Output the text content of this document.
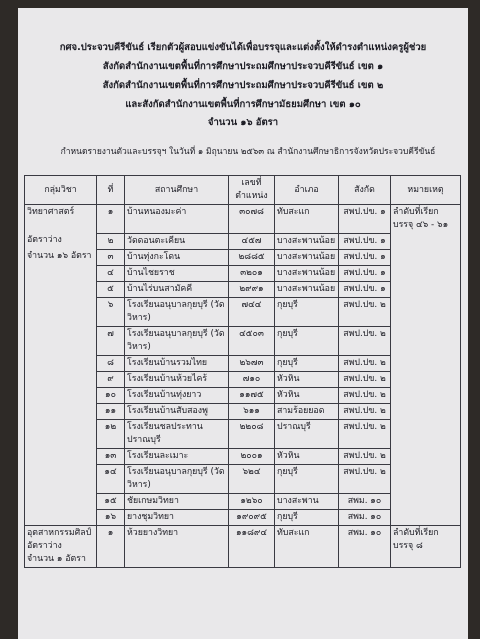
กศจ.ประจวบคีรีขันธ์ เรียกตัวผู้สอบแข่งขันได้เพื่อบรรจุและแต่งตั้งให้ดำรงตำแหน่งครูผู้ช่วย
สังกัดสำนักงานเขตพื้นที่การศึกษาประถมศึกษาประจวบคีรีขันธ์ เขต ๑
สังกัดสำนักงานเขตพื้นที่การศึกษาประถมศึกษาประจวบคีรีขันธ์ เขต ๒
และสังกัดสำนักงานเขตพื้นที่การศึกษามัธยมศึกษา เขต ๑๐
จำนวน ๑๖ อัตรา
กำหนดรายงานตัวและบรรจุฯ ในวันที่ ๑ มิถุนายน ๒๕๖๓ ณ สำนักงานศึกษาธิการจังหวัดประจวบคีรีขันธ์
กลุ่มวิชา	ที่	สถานศึกษา	เลขที่ตำแหน่ง	อำเภอ	สังกัด	หมายเหตุ
วิทยาศาสตร์	๑	บ้านหนองมะค่า	๓๐๗๘	ทับสะแก	สพป.ปข. ๑	ลำดับที่เรียกบรรจุ ๔๖ - ๖๑
อัตราว่าง	๒	วัดดอนตะเคียน	๔๕๗	บางสะพานน้อย	สพป.ปข. ๑	
จำนวน ๑๖ อัตรา	๓	บ้านทุ่งกะโดน	๒๘๘๕	บางสะพานน้อย	สพป.ปข. ๑	
	๔	บ้านไชยราช	๓๒๐๑	บางสะพานน้อย	สพป.ปข. ๑	
	๕	บ้านไร่บนสามัคคี	๒๙๙๑	บางสะพานน้อย	สพป.ปข. ๑	
	๖	โรงเรียนอนุบาลกุยบุรี (วัดวิหาร)	๗๔๔	กุยบุรี	สพป.ปข. ๒	
	๗	โรงเรียนอนุบาลกุยบุรี (วัดวิหาร)	๔๕๐๓	กุยบุรี	สพป.ปข. ๒	
	๘	โรงเรียนบ้านรวมไทย	๒๖๗๓	กุยบุรี	สพป.ปข. ๒	
	๙	โรงเรียนบ้านห้วยไคร้	๗๑๐	หัวหิน	สพป.ปข. ๒	
	๑๐	โรงเรียนบ้านทุ่งยาว	๑๑๗๕	หัวหิน	สพป.ปข. ๒	
	๑๑	โรงเรียนบ้านสับสองพู	๖๑๑	สามร้อยยอด	สพป.ปข. ๒	
	๑๒	โรงเรียนชลประทาน ปราณบุรี	๒๒๐๘	ปราณบุรี	สพป.ปข. ๒	
	๑๓	โรงเรียนละเมาะ	๒๐๐๑	หัวหิน	สพป.ปข. ๒	
	๑๔	โรงเรียนอนุบาลกุยบุรี (วัดวิหาร)	๖๒๔	กุยบุรี	สพป.ปข. ๒	
	๑๕	ชัยเกษมวิทยา	๑๒๖๐	บางสะพาน	สพม. ๑๐	
	๑๖	ยางชุมวิทยา	๑๙๐๙๕	กุยบุรี	สพม. ๑๐	

อุตสาหกรรมศิลป์
อัตราว่าง
จำนวน ๑ อัตรา	๑	ห้วยยางวิทยา	๑๑๘๙๔	ทับสะแก	สพม. ๑๐	ลำดับที่เรียกบรรจุ ๘
